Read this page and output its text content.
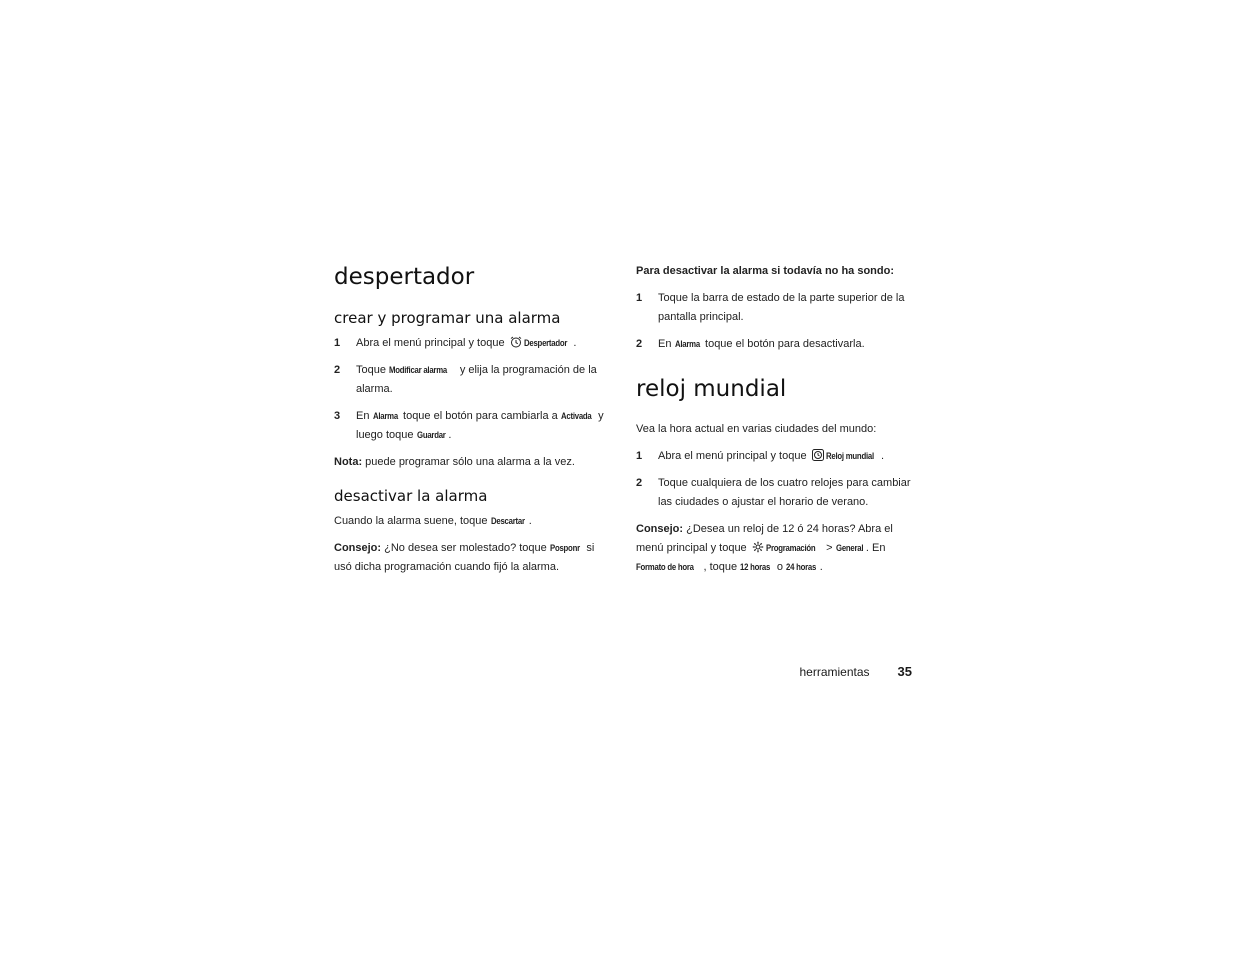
despertador
crear y programar una alarma
1	Abra el menú principal y toque Despertador .
2	Toque Modificar alarma y elija la programación de la alarma.
3	En Alarma toque el botón para cambiarla a Activada y luego toque Guardar .

Nota: puede programar sólo una alarma a la vez.

desactivar la alarma

Cuando la alarma suene, toque Descartar .

Consejo: ¿No desea ser molestado? toque Posponr si usó dicha programación cuando fijó la alarma.

Para desactivar la alarma si todavía no ha sondo:

1	Toque la barra de estado de la parte superior de la pantalla principal.
2	En Alarma toque el botón para desactivarla.
reloj mundial

Vea la hora actual en varias ciudades del mundo:

1	Abra el menú principal y toque Reloj mundial .
2	Toque cualquiera de los cuatro relojes para cambiar las ciudades o ajustar el horario de verano.

Consejo: ¿Desea un reloj de 12 ó 24 horas? Abra el menú principal y toque Programación > General . En Formato de hora , toque 12 horas o 24 horas .

herramientas 35
